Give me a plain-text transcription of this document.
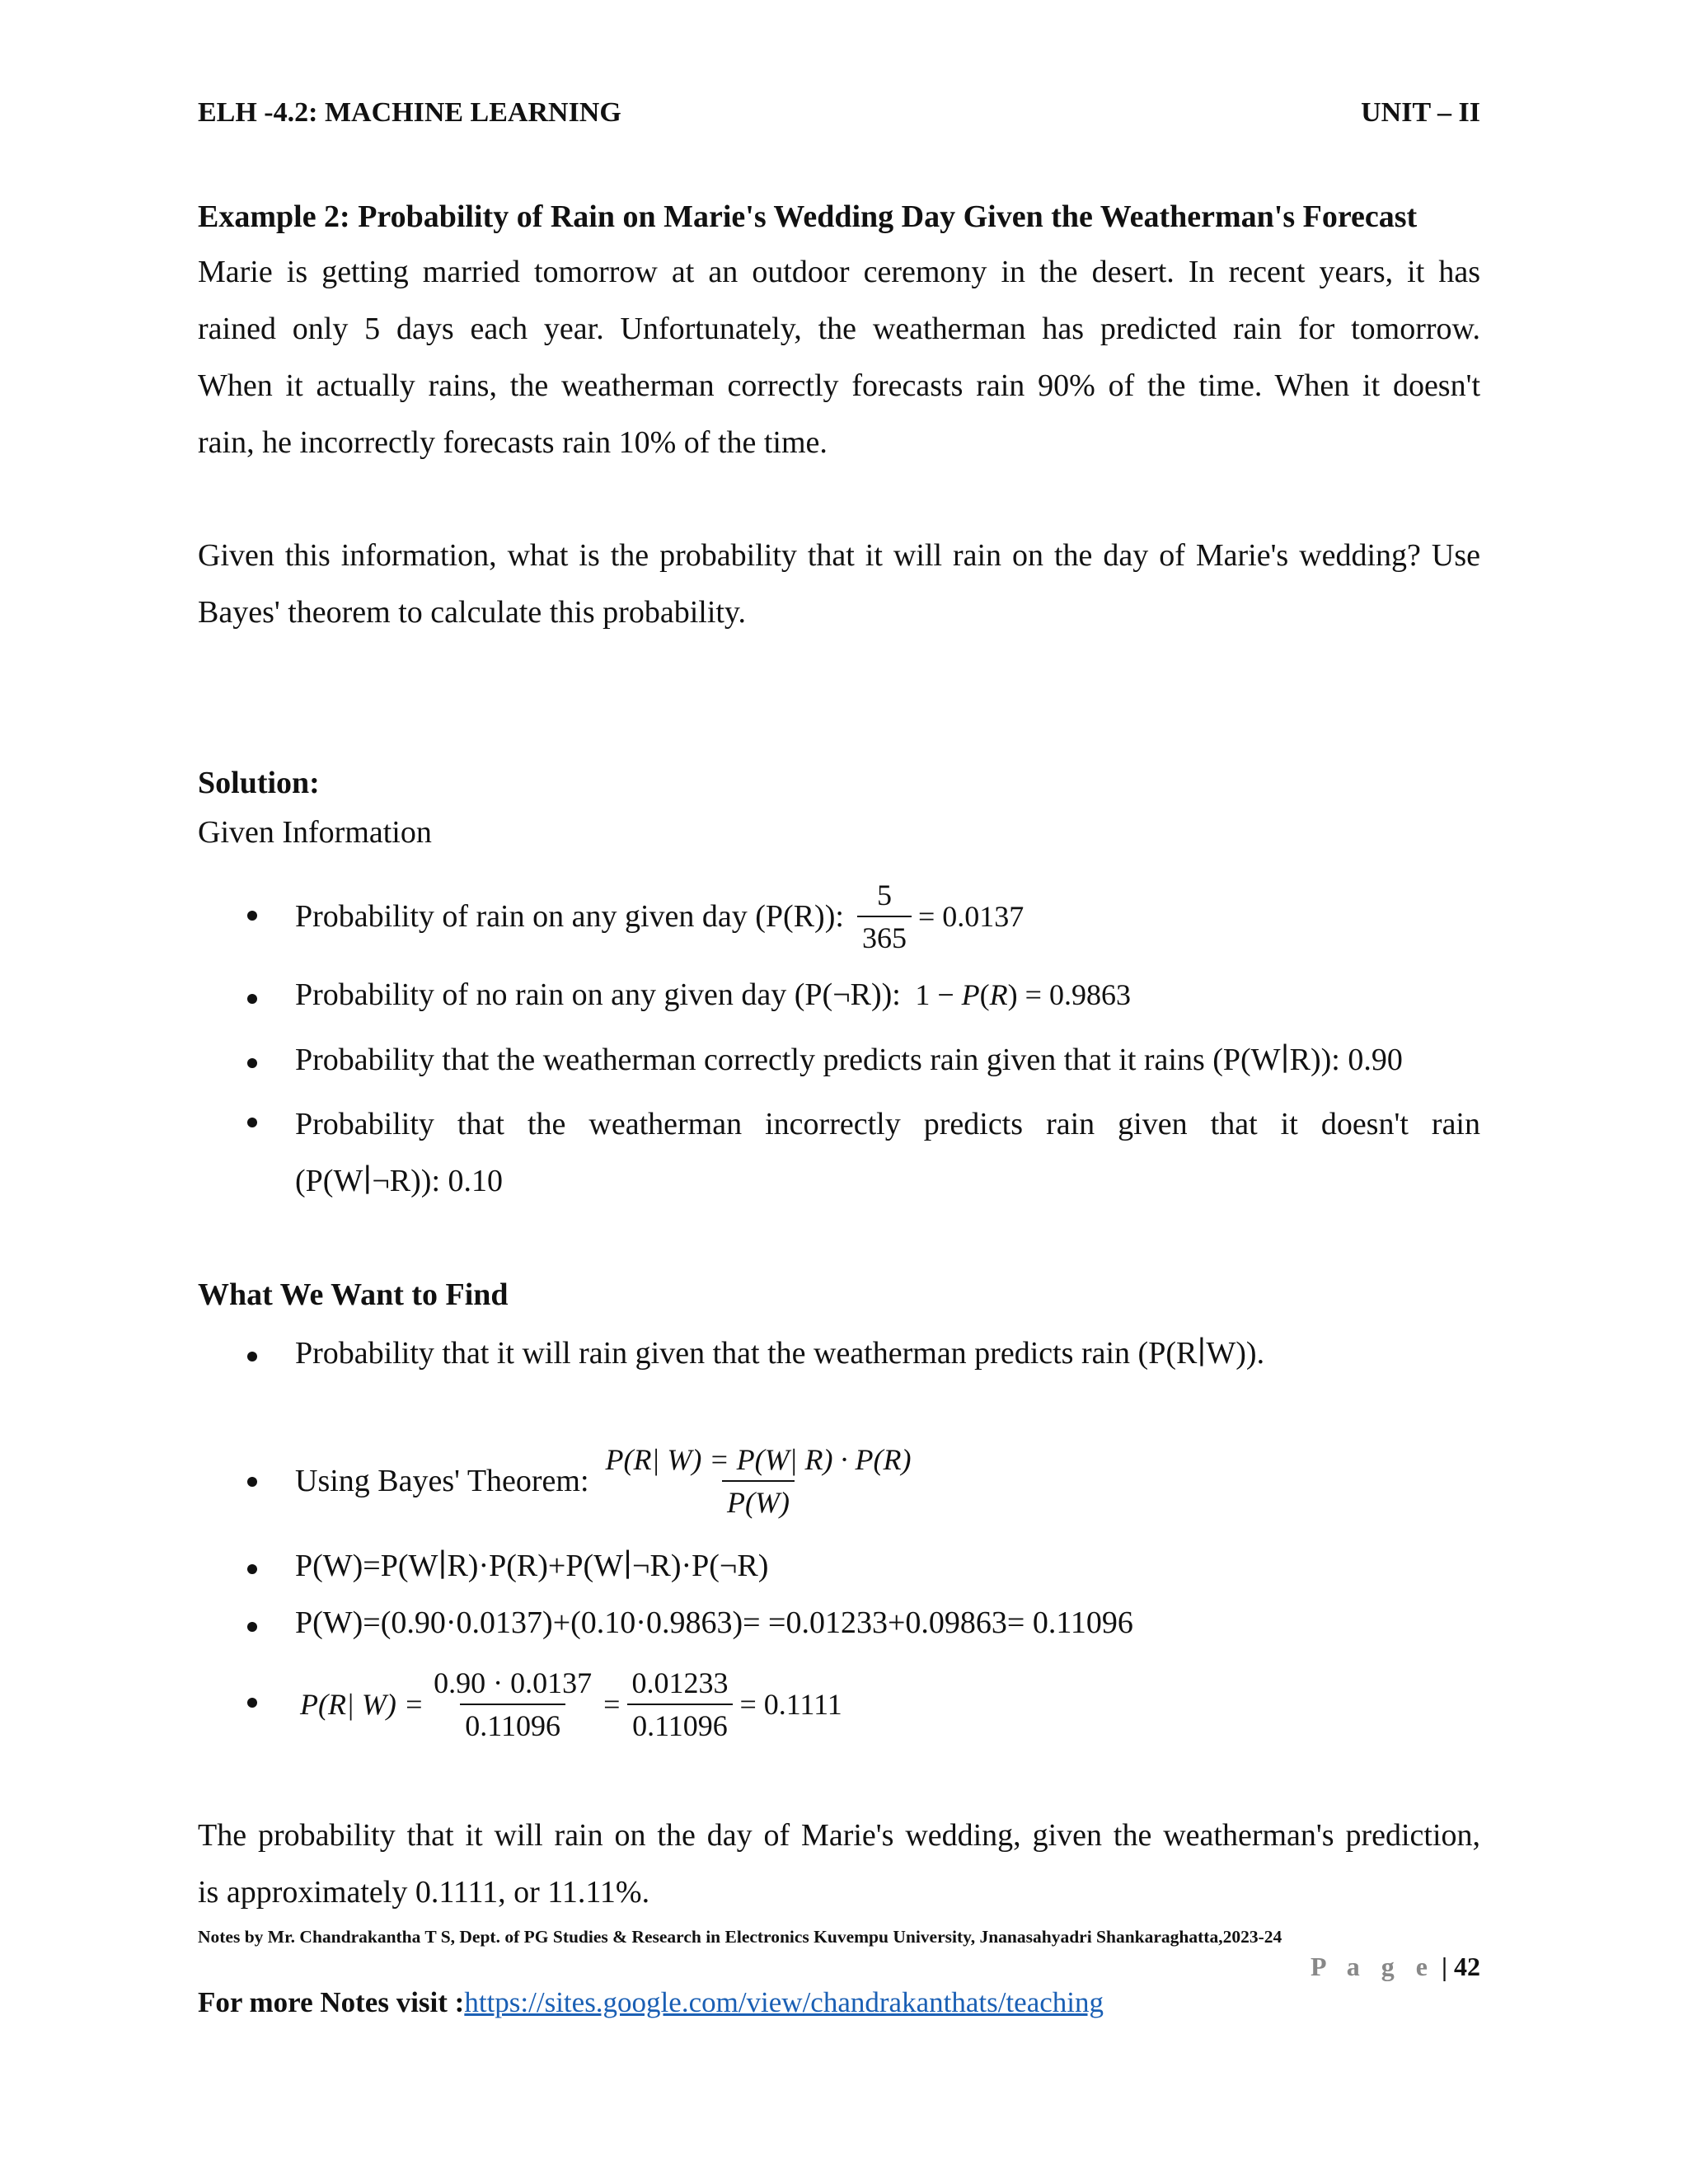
ELH -4.2: MACHINE LEARNING	UNIT – II
Example 2: Probability of Rain on Marie's Wedding Day Given the Weatherman's Forecast
Marie is getting married tomorrow at an outdoor ceremony in the desert. In recent years, it has
rained only 5 days each year. Unfortunately, the weatherman has predicted rain for tomorrow.
When it actually rains, the weatherman correctly forecasts rain 90% of the time. When it doesn't
rain, he incorrectly forecasts rain 10% of the time.
Given this information, what is the probability that it will rain on the day of Marie's wedding? Use
Bayes' theorem to calculate this probability.
Solution:
Given Information
Probability of rain on any given day (P(R)): $\frac{5}{365} = 0.0137$
Probability of no rain on any given day (P(¬R)): 1 − P(R) = 0.9863
Probability that the weatherman correctly predicts rain given that it rains (P(W∣R)): 0.90
Probability that the weatherman incorrectly predicts rain given that it doesn't rain
(P(W∣¬R)): 0.10
What We Want to Find
Probability that it will rain given that the weatherman predicts rain (P(R∣W)).
Using Bayes' Theorem: $\frac{P(R| W) = P(W| R) \cdot P(R)}{P(W)}$
P(W)=P(W∣R)·P(R)+P(W∣¬R)·P(¬R)
P(W)=(0.90·0.0137)+(0.10·0.9863)= =0.01233+0.09863= 0.11096
P(R| $W) = \frac{0.90 \cdot 0.0137}{0.11096} = \frac{0.01233}{0.11096} = 0.1111$
The probability that it will rain on the day of Marie's wedding, given the weatherman's prediction,
is approximately 0.1111, or 11.11%.
Notes by Mr. Chandrakantha T S, Dept. of PG Studies & Research in Electronics Kuvempu University, Jnanasahyadri Shankaraghatta,2023-24
P a g e | 42
For more Notes visit :https://sites.google.com/view/chandrakanthats/teaching
